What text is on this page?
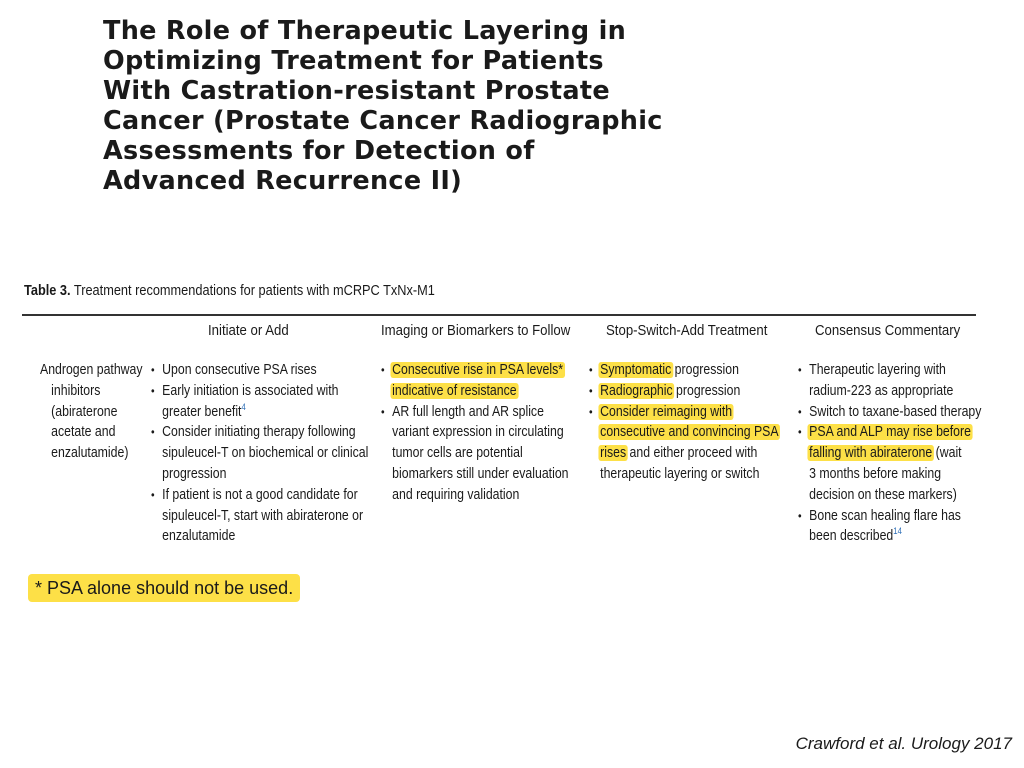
The Role of Therapeutic Layering in
Optimizing Treatment for Patients
With Castration-resistant Prostate
Cancer (Prostate Cancer Radiographic
Assessments for Detection of
Advanced Recurrence II)
Table 3. Treatment recommendations for patients with mCRPC TxNx-M1
Initiate or Add	Imaging or Biomarkers to Follow Stop-Switch-Add Treatment	Consensus Commentary
Androgen pathway
inhibitors
(abiraterone
acetate and
enzalutamide)
• Upon consecutive PSA rises
• Early initiation is associated with
greater benefit$^4$
• Consider initiating therapy following
sipuleucel-T on biochemical or clinical
progression
• If patient is not a good candidate for
sipuleucel-T, start with abiraterone or
enzalutamide
• Consecutive rise in PSA levels*
indicative of resistance
• AR full length and AR splice
variant expression in circulating
tumor cells are potential
biomarkers still under evaluation
and requiring validation
• Symptomatic progression
• Radiographic progression
• Consider reimaging with
consecutive and convincing PSA
rises and either proceed with
therapeutic layering or switch
• Therapeutic layering with
radium-223 as appropriate
• Switch to taxane-based therapy
• PSA and ALP may rise before
falling with abiraterone (wait
3 months before making
decision on these markers)
• Bone scan healing flare has
been described$^{14}$
* PSA alone should not be used.
Crawford et al. Urology 2017
